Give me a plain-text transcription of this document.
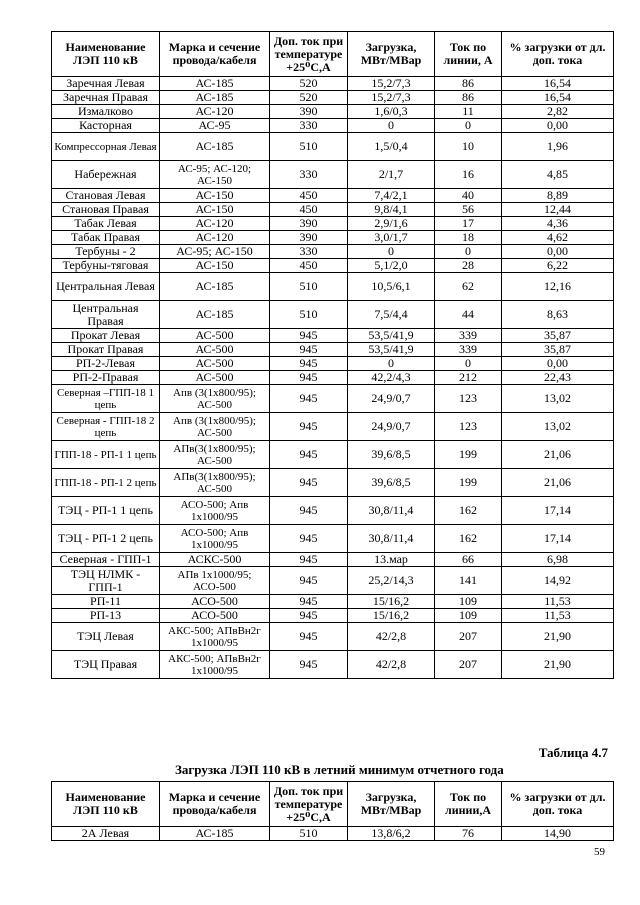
Наименование ЛЭП 110 кВ	Марка и сечение провода/кабеля	Доп. ток при температуре +25⁰С,А	Загрузка, МВт/МВар	Ток по линии, А	% загрузки от дл. доп. тока
Заречная Левая	АС-185	520	15,2/7,3	86	16,54
Заречная Правая	АС-185	520	15,2/7,3	86	16,54
Измалково	АС-120	390	1,6/0,3	11	2,82
Касторная	АС-95	330	0	0	0,00
Компрессорная Левая	АС-185	510	1,5/0,4	10	1,96
Набережная	АС-95; АС-120; АС-150	330	2/1,7	16	4,85
Становая Левая	АС-150	450	7,4/2,1	40	8,89
Становая Правая	АС-150	450	9,8/4,1	56	12,44
Табак Левая	АС-120	390	2,9/1,6	17	4,36
Табак Правая	АС-120	390	3,0/1,7	18	4,62
Тербуны - 2	АС-95; АС-150	330	0	0	0,00
Тербуны-тяговая	АС-150	450	5,1/2,0	28	6,22
Центральная Левая	АС-185	510	10,5/6,1	62	12,16
Центральная Правая	АС-185	510	7,5/4,4	44	8,63
Прокат Левая	АС-500	945	53,5/41,9	339	35,87
Прокат Правая	АС-500	945	53,5/41,9	339	35,87
РП-2-Левая	АС-500	945	0	0	0,00
РП-2-Правая	АС-500	945	42,2/4,3	212	22,43
Северная –ГПП-18 1 цепь	Апв (3(1х800/95); АС-500	945	24,9/0,7	123	13,02
Северная - ГПП-18 2 цепь	Апв (3(1х800/95); АС-500	945	24,9/0,7	123	13,02
ГПП-18 - РП-1 1 цепь	АПв(3(1х800/95); АС-500	945	39,6/8,5	199	21,06
ГПП-18 - РП-1 2 цепь	АПв(3(1х800/95); АС-500	945	39,6/8,5	199	21,06
ТЭЦ - РП-1 1 цепь	АСО-500; Апв 1х1000/95	945	30,8/11,4	162	17,14
ТЭЦ - РП-1 2 цепь	АСО-500; Апв 1х1000/95	945	30,8/11,4	162	17,14
Северная - ГПП-1	АСКС-500	945	13.мар	66	6,98
ТЭЦ НЛМК - ГПП-1	АПв 1х1000/95; АСО-500	945	25,2/14,3	141	14,92
РП-11	АСО-500	945	15/16,2	109	11,53
РП-13	АСО-500	945	15/16,2	109	11,53
ТЭЦ Левая	АКС-500; АПвВн2г 1х1000/95	945	42/2,8	207	21,90
ТЭЦ Правая	АКС-500; АПвВн2г 1х1000/95	945	42/2,8	207	21,90
Таблица 4.7
Загрузка ЛЭП 110 кВ в летний минимум отчетного года
Наименование ЛЭП 110 кВ	Марка и сечение провода/кабеля	Доп. ток при температуре +25⁰С,А	Загрузка, МВт/МВар	Ток по линии,А	% загрузки от дл. доп. тока
2А Левая	АС-185	510	13,8/6,2	76	14,90
59
